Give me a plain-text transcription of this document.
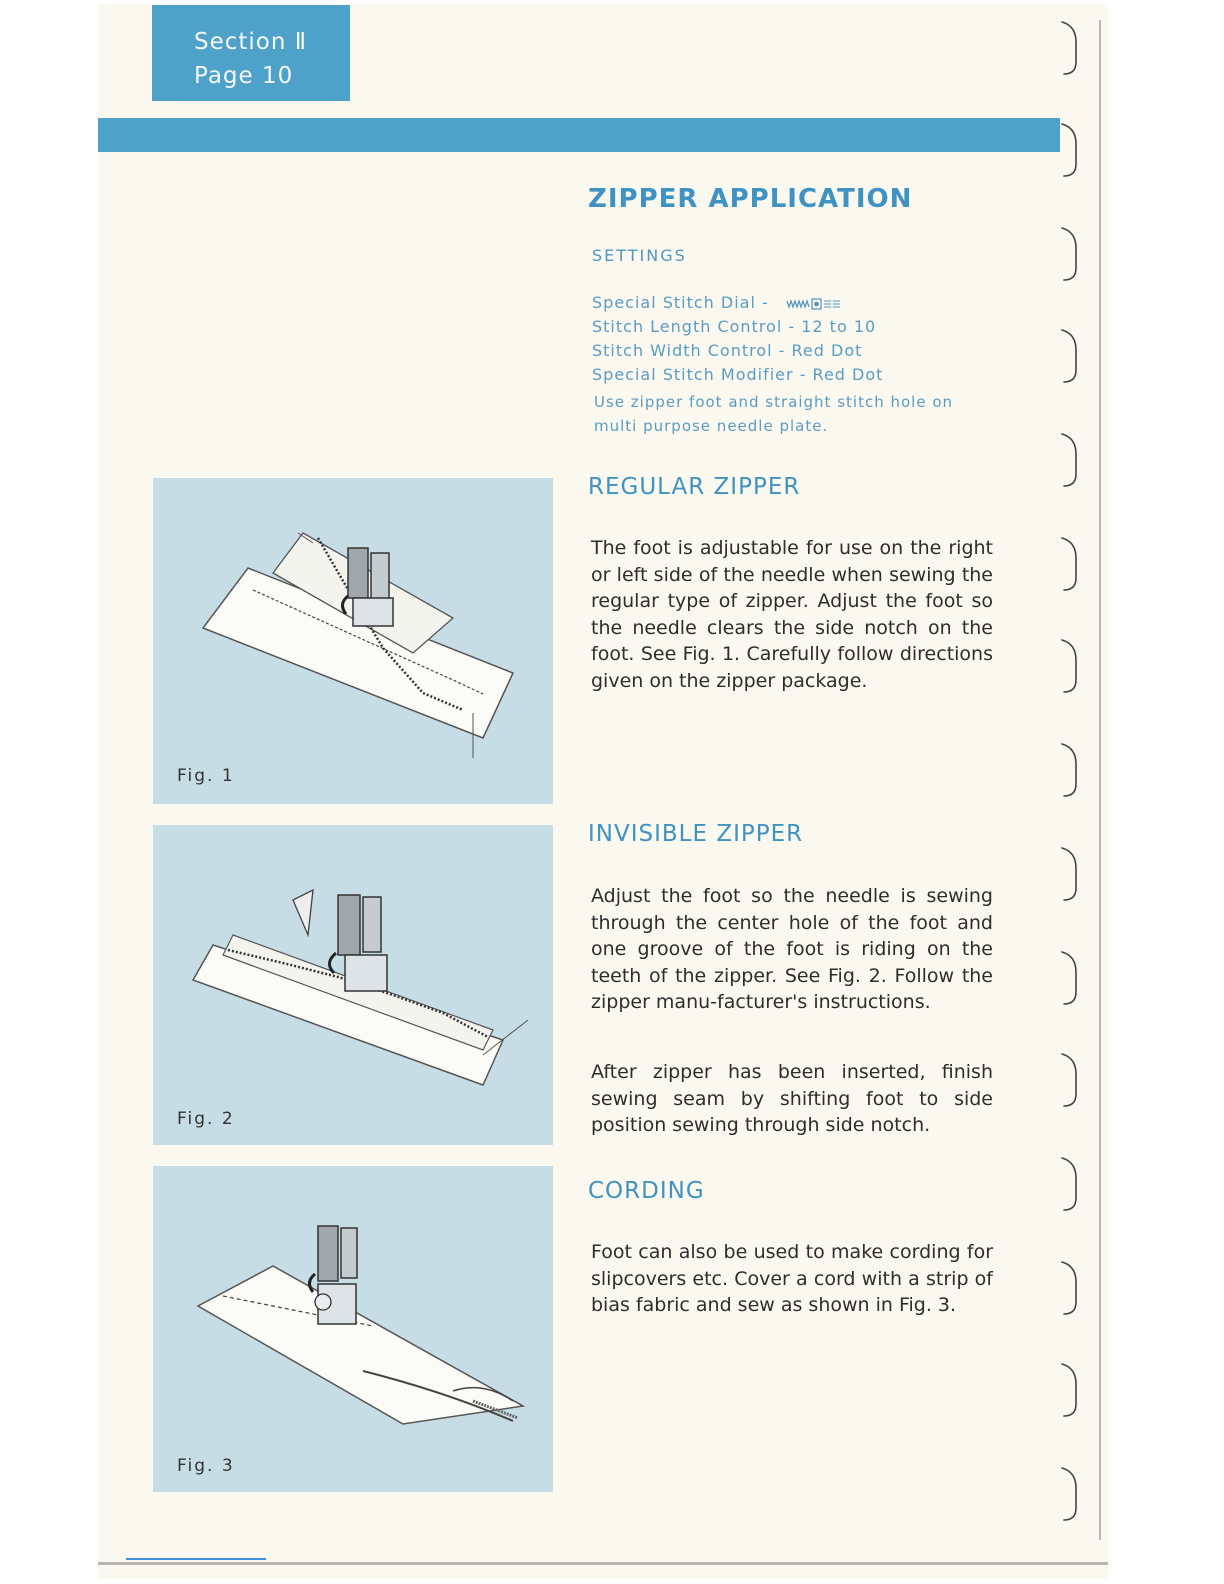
Section Ⅱ
Page 10
ZIPPER APPLICATION
SETTINGS
Special Stitch Dial -
Stitch Length Control - 12 to 10
Stitch Width Control - Red Dot
Special Stitch Modifier - Red Dot
Use zipper foot and straight stitch hole on multi purpose needle plate.
REGULAR ZIPPER
The foot is adjustable for use on the right or left side of the needle when sewing the regular type of zipper. Adjust the foot so the needle clears the side notch on the foot. See Fig. 1. Carefully follow directions given on the zipper package.
INVISIBLE ZIPPER
Adjust the foot so the needle is sewing through the center hole of the foot and one groove of the foot is riding on the teeth of the zipper. See Fig. 2. Follow the zipper manu-facturer's instructions.
After zipper has been inserted, finish sewing seam by shifting foot to side position sewing through side notch.
CORDING
Foot can also be used to make cording for slipcovers etc. Cover a cord with a strip of bias fabric and sew as shown in Fig. 3.
Fig. 1
Fig. 2
Fig. 3
